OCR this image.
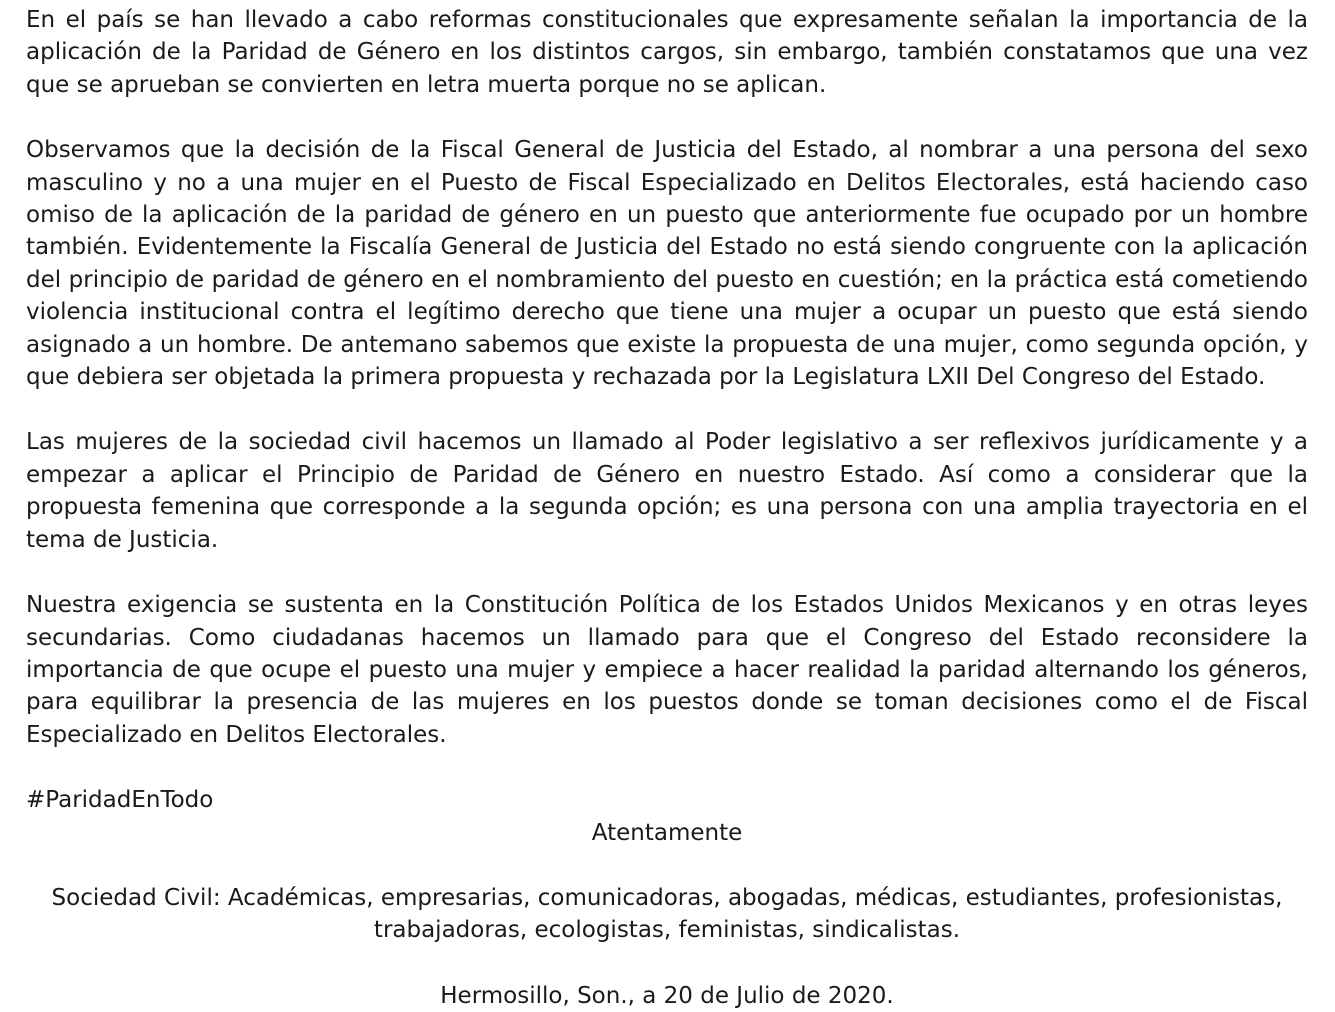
En el país se han llevado a cabo reformas constitucionales que expresamente señalan la importancia de la aplicación de la Paridad de Género en los distintos cargos, sin embargo, también constatamos que una vez que se aprueban se convierten en letra muerta porque no se aplican.

Observamos que la decisión de la Fiscal General de Justicia del Estado, al nombrar a una persona del sexo masculino y no a una mujer en el Puesto de Fiscal Especializado en Delitos Electorales, está haciendo caso omiso de la aplicación de la paridad de género en un puesto que anteriormente fue ocupado por un hombre también. Evidentemente la Fiscalía General de Justicia del Estado no está siendo congruente con la aplicación del principio de paridad de género en el nombramiento del puesto en cuestión; en la práctica está cometiendo violencia institucional contra el legítimo derecho que tiene una mujer a ocupar un puesto que está siendo asignado a un hombre. De antemano sabemos que existe la propuesta de una mujer, como segunda opción, y que debiera ser objetada la primera propuesta y rechazada por la Legislatura LXII Del Congreso del Estado.

Las mujeres de la sociedad civil hacemos un llamado al Poder legislativo a ser reflexivos jurídicamente y a empezar a aplicar el Principio de Paridad de Género en nuestro Estado. Así como a considerar que la propuesta femenina que corresponde a la segunda opción; es una persona con una amplia trayectoria en el tema de Justicia.

Nuestra exigencia se sustenta en la Constitución Política de los Estados Unidos Mexicanos y en otras leyes secundarias. Como ciudadanas hacemos un llamado para que el Congreso del Estado reconsidere la importancia de que ocupe el puesto una mujer y empiece a hacer realidad la paridad alternando los géneros, para equilibrar la presencia de las mujeres en los puestos donde se toman decisiones como el de Fiscal Especializado en Delitos Electorales.

#ParidadEnTodo

Atentamente

Sociedad Civil: Académicas, empresarias, comunicadoras, abogadas, médicas, estudiantes, profesionistas,
trabajadoras, ecologistas, feministas, sindicalistas.

Hermosillo, Son., a 20 de Julio de 2020.
